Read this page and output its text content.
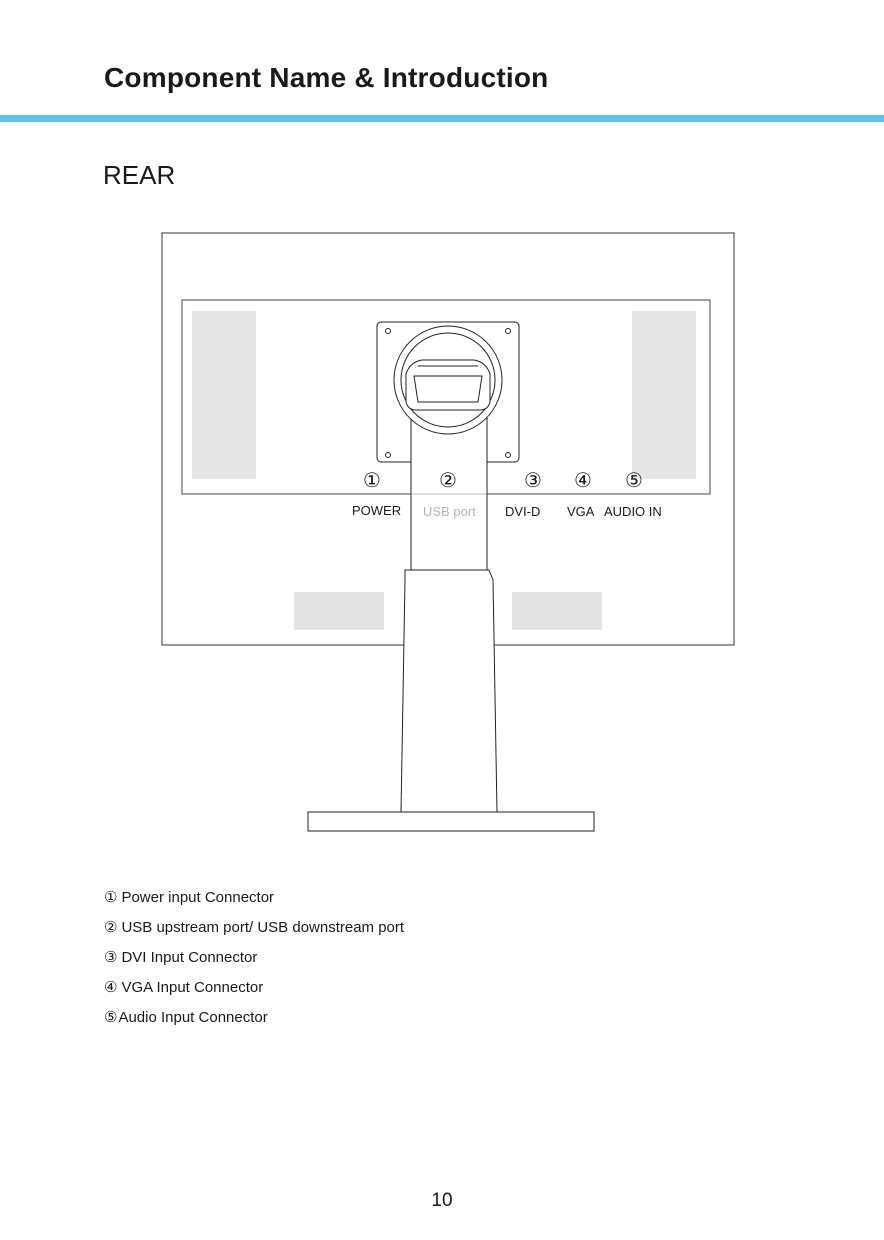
Component Name & Introduction
REAR
①	②	③ ④ ⑤
POWER USB port DVI-D VGA AUDIO IN
① Power input Connector
② USB upstream port/ USB downstream port
③ DVI Input Connector
④ VGA Input Connector
⑤Audio Input Connector
10
